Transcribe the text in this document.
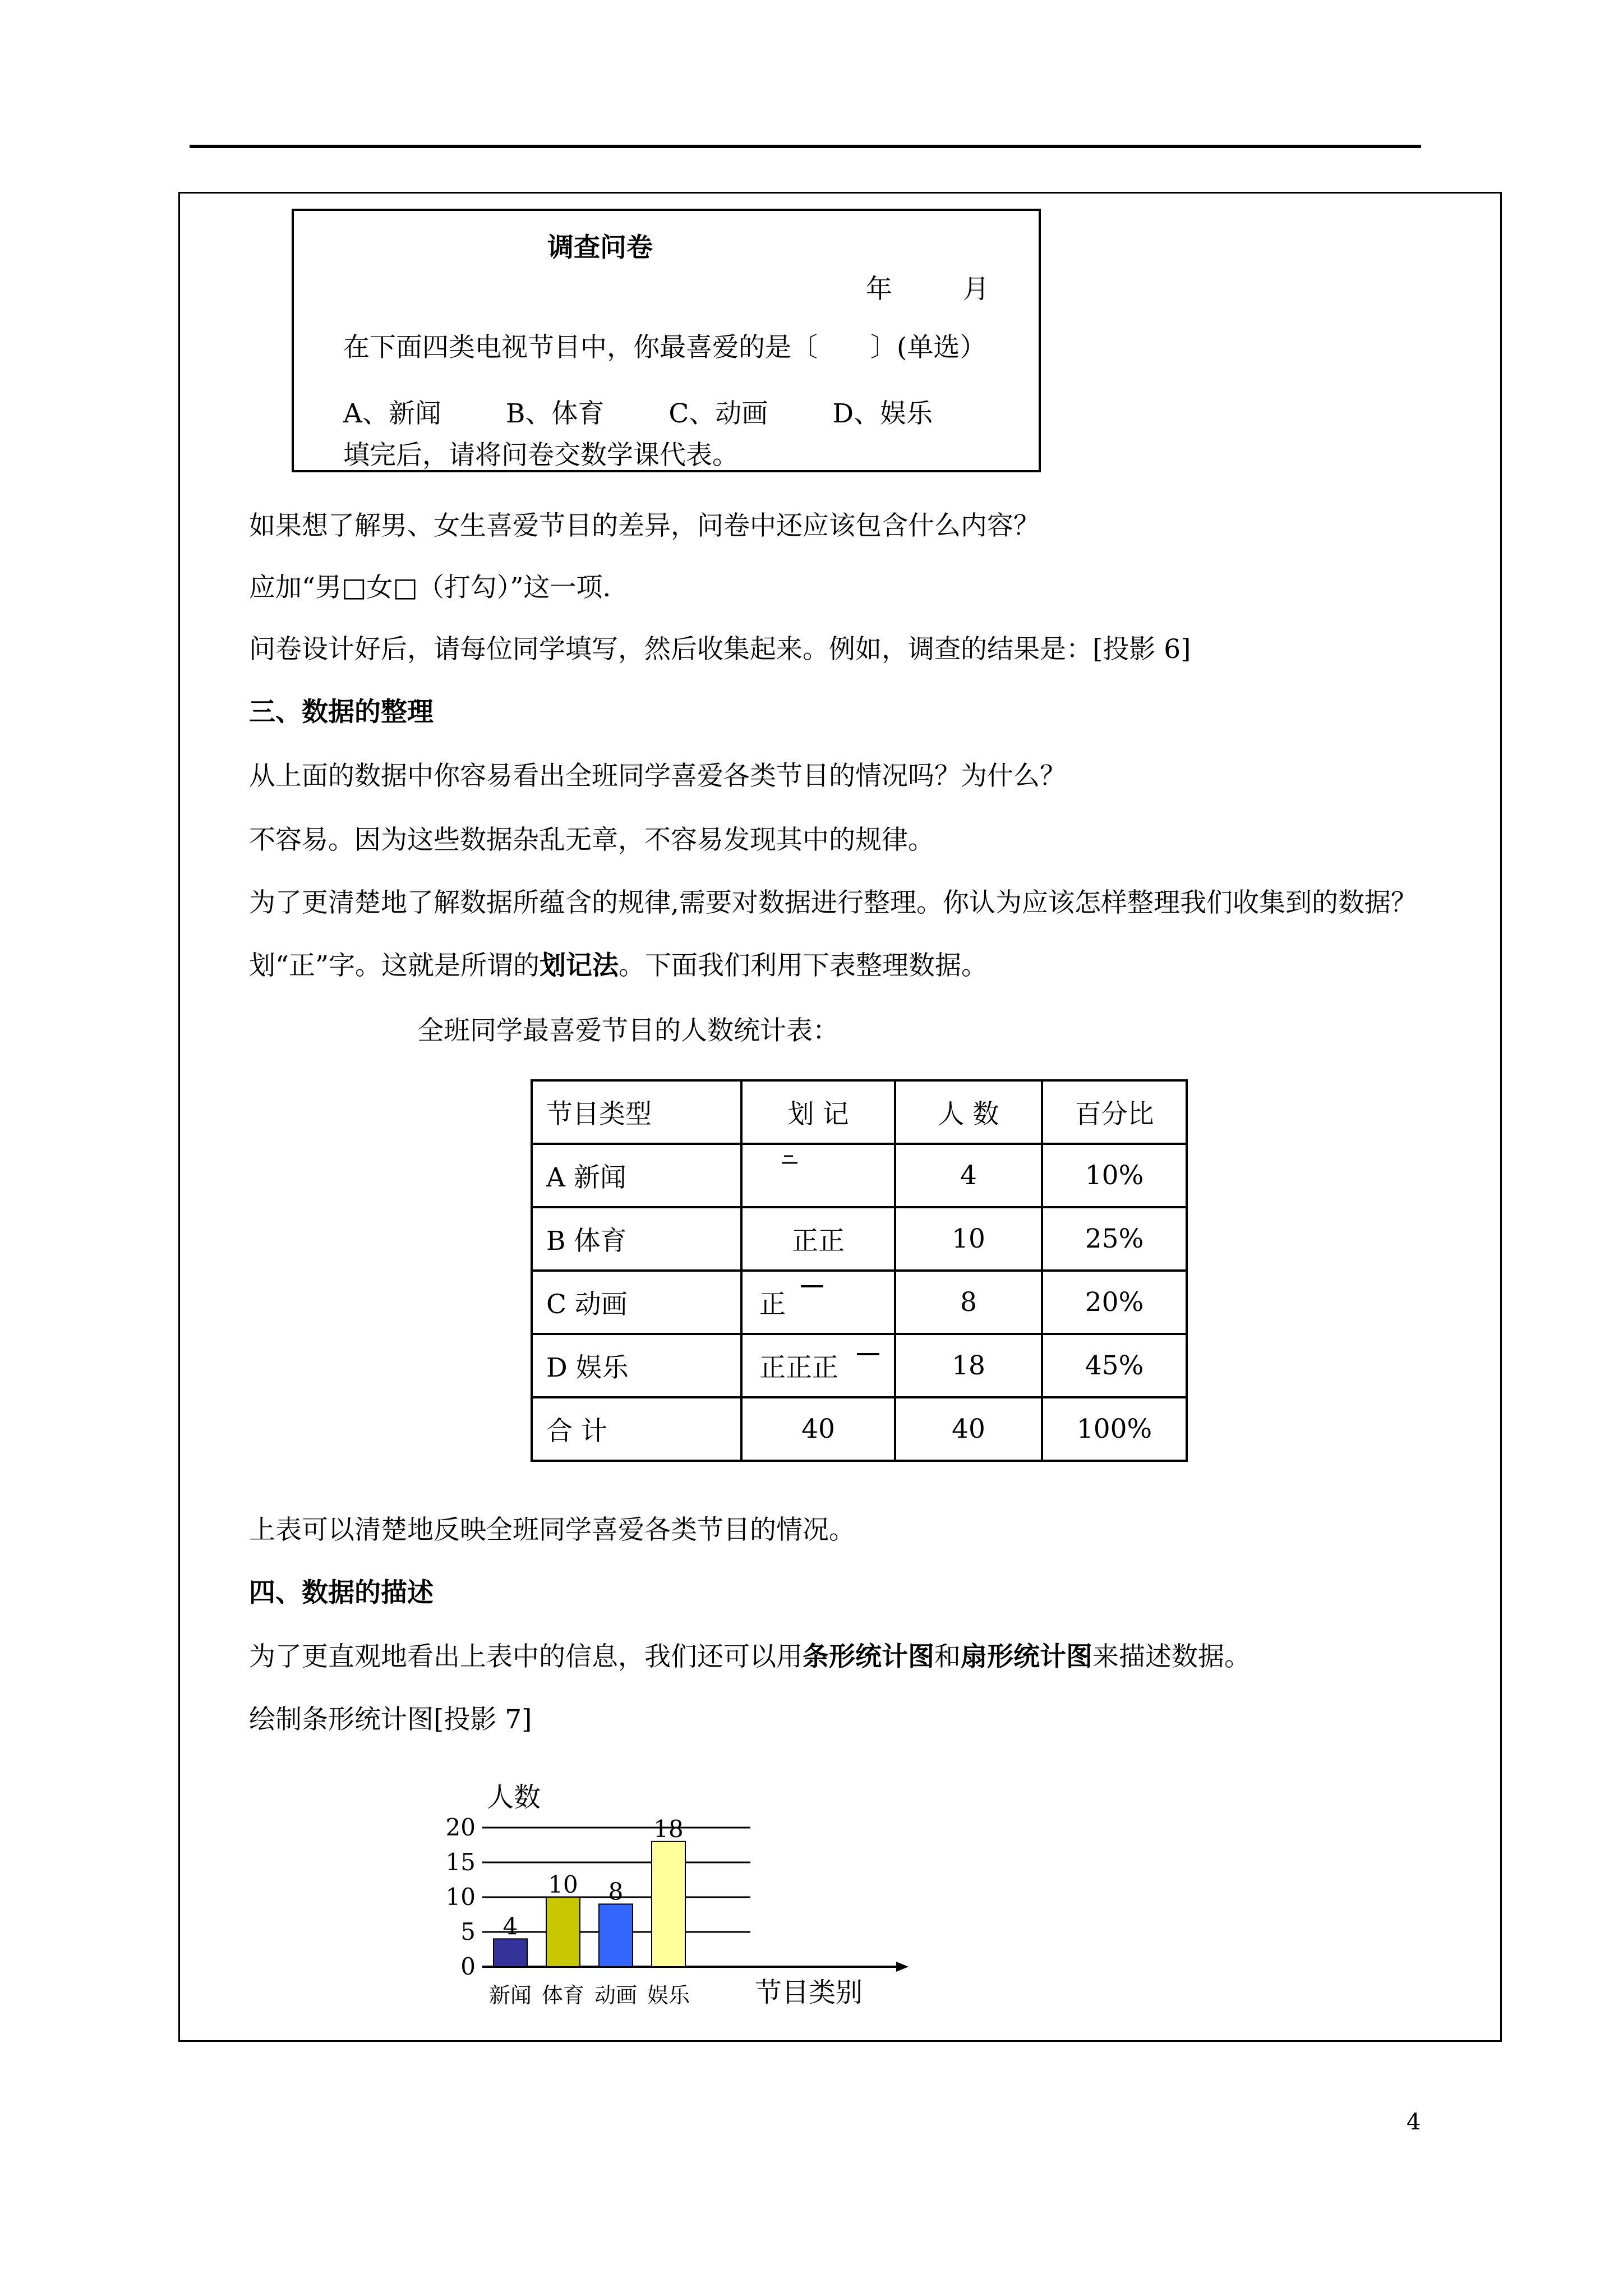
调查问卷
年	月
在下面四类电视节目中，你最喜爱的是〔　　〕(单选）
A、新闻 B、体育 C、动画 D、娱乐
填完后，请将问卷交数学课代表。
如果想了解男、女生喜爱节目的差异，问卷中还应该包含什么内容？
应加“男□女□（打勾）”这一项.
问卷设计好后，请每位同学填写，然后收集起来。例如，调查的结果是：[投影 6]
三、数据的整理
从上面的数据中你容易看出全班同学喜爱各类节目的情况吗？为什么？
不容易。因为这些数据杂乱无章，不容易发现其中的规律。
为了更清楚地了解数据所蕴含的规律,需要对数据进行整理。你认为应该怎样整理我们收集到的数据？
划“正”字。这就是所谓的划记法。下面我们利用下表整理数据。
全班同学最喜爱节目的人数统计表：
节目类型	划 记	人 数	百分比
A 新闻		4	10%
B 体育	正正	10	25%
C 动画	正	8	20%
D 娱乐	正正正	18	45%
合 计	40	40	100%
上表可以清楚地反映全班同学喜爱各类节目的情况。
四、数据的描述
为了更直观地看出上表中的信息，我们还可以用条形统计图和扇形统计图来描述数据。
绘制条形统计图[投影 7]
0
5
10
15
20
人数
节目类别
4
新闻
10
体育
8
动画
18
娱乐
4
